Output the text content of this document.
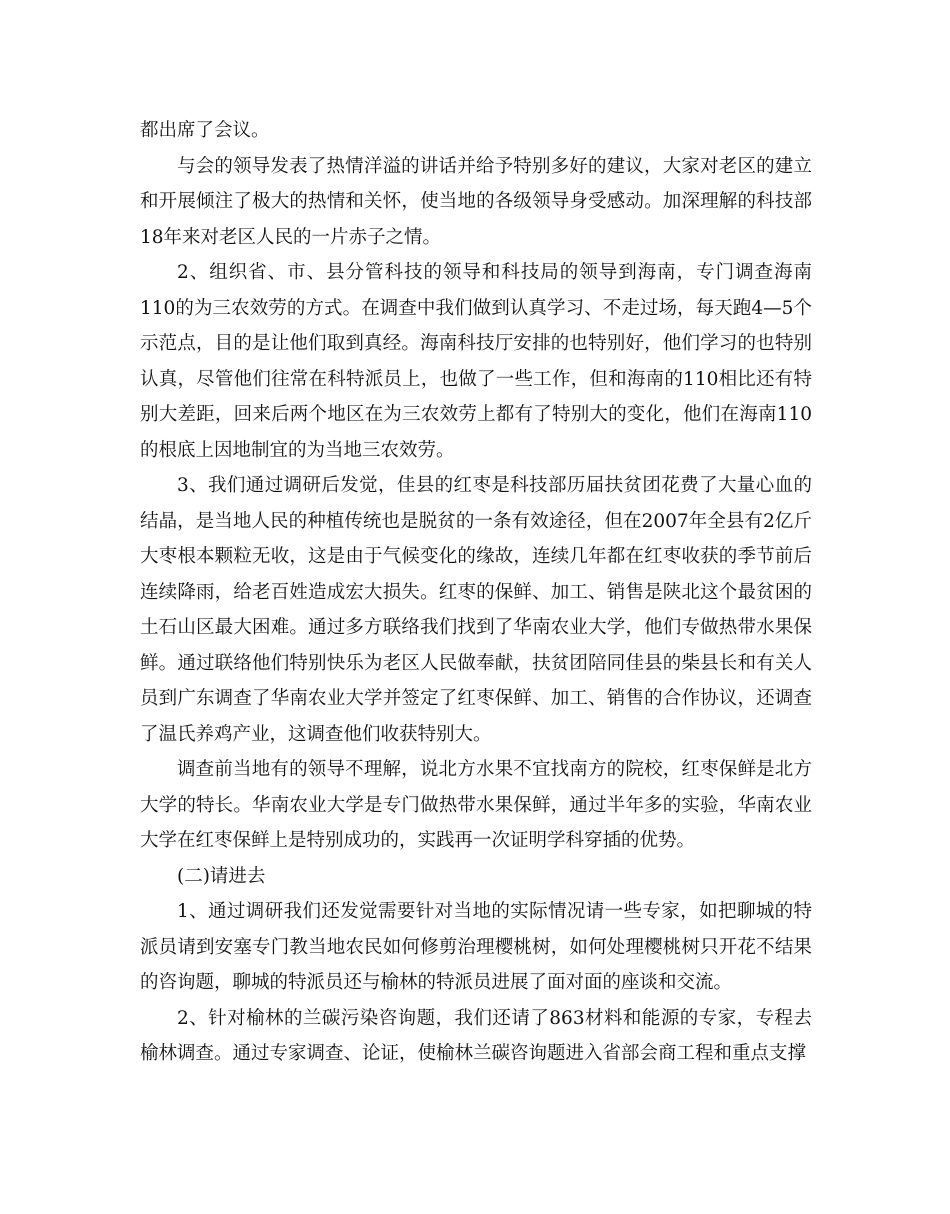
都出席了会议。

与会的领导发表了热情洋溢的讲话并给予特别多好的建议，大家对老区的建立和开展倾注了极大的热情和关怀，使当地的各级领导身受感动。加深理解的科技部18年来对老区人民的一片赤子之情。

2、组织省、市、县分管科技的领导和科技局的领导到海南，专门调查海南110的为三农效劳的方式。在调查中我们做到认真学习、不走过场，每天跑4—5个示范点，目的是让他们取到真经。海南科技厅安排的也特别好，他们学习的也特别认真，尽管他们往常在科特派员上，也做了一些工作，但和海南的110相比还有特别大差距，回来后两个地区在为三农效劳上都有了特别大的变化，他们在海南110的根底上因地制宜的为当地三农效劳。

3、我们通过调研后发觉，佳县的红枣是科技部历届扶贫团花费了大量心血的结晶，是当地人民的种植传统也是脱贫的一条有效途径，但在2007年全县有2亿斤大枣根本颗粒无收，这是由于气候变化的缘故，连续几年都在红枣收获的季节前后连续降雨，给老百姓造成宏大损失。红枣的保鲜、加工、销售是陕北这个最贫困的土石山区最大困难。通过多方联络我们找到了华南农业大学，他们专做热带水果保鲜。通过联络他们特别快乐为老区人民做奉献，扶贫团陪同佳县的柴县长和有关人员到广东调查了华南农业大学并签定了红枣保鲜、加工、销售的合作协议，还调查了温氏养鸡产业，这调查他们收获特别大。

调查前当地有的领导不理解，说北方水果不宜找南方的院校，红枣保鲜是北方大学的特长。华南农业大学是专门做热带水果保鲜，通过半年多的实验，华南农业大学在红枣保鲜上是特别成功的，实践再一次证明学科穿插的优势。

(二)请进去

1、通过调研我们还发觉需要针对当地的实际情况请一些专家，如把聊城的特派员请到安塞专门教当地农民如何修剪治理樱桃树，如何处理樱桃树只开花不结果的咨询题，聊城的特派员还与榆林的特派员进展了面对面的座谈和交流。

2、针对榆林的兰碳污染咨询题，我们还请了863材料和能源的专家，专程去榆林调查。通过专家调查、论证，使榆林兰碳咨询题进入省部会商工程和重点支撑
